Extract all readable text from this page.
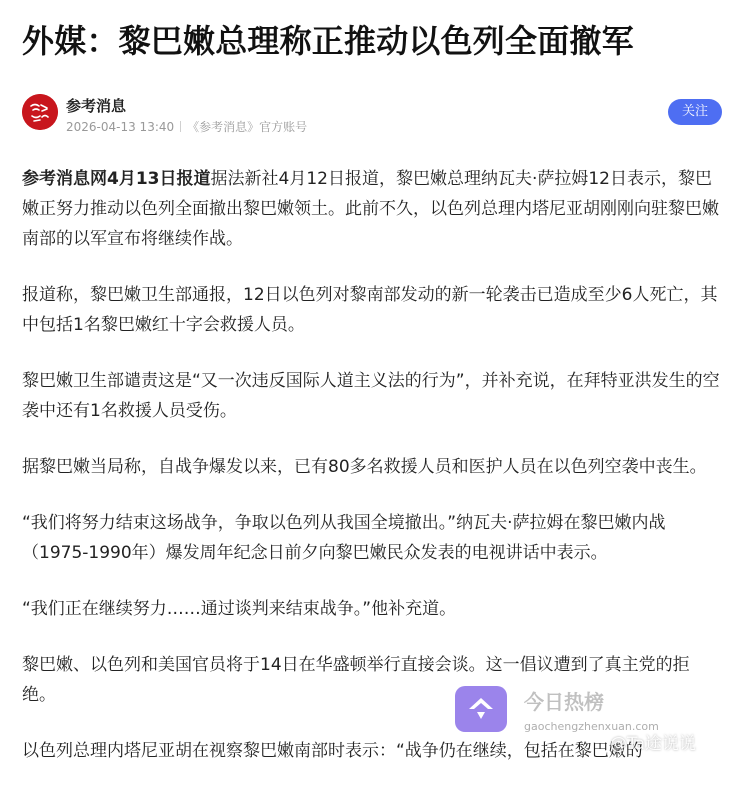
外媒：黎巴嫩总理称正推动以色列全面撤军
参考消息
2026-04-13 13:40 《参考消息》官方账号
关注

参考消息网4月13日报道据法新社4月12日报道，黎巴嫩总理纳瓦夫·萨拉姆12日表示，黎巴嫩正努力推动以色列全面撤出黎巴嫩领土。此前不久，以色列总理内塔尼亚胡刚刚向驻黎巴嫩南部的以军宣布将继续作战。

报道称，黎巴嫩卫生部通报，12日以色列对黎南部发动的新一轮袭击已造成至少6人死亡，其中包括1名黎巴嫩红十字会救援人员。

黎巴嫩卫生部谴责这是“又一次违反国际人道主义法的行为”，并补充说，在拜特亚洪发生的空袭中还有1名救援人员受伤。

据黎巴嫩当局称，自战争爆发以来，已有80多名救援人员和医护人员在以色列空袭中丧生。

“我们将努力结束这场战争，争取以色列从我国全境撤出。”纳瓦夫·萨拉姆在黎巴嫩内战（1975-1990年）爆发周年纪念日前夕向黎巴嫩民众发表的电视讲话中表示。

“我们正在继续努力……通过谈判来结束战争。”他补充道。

黎巴嫩、以色列和美国官员将于14日在华盛顿举行直接会谈。这一倡议遭到了真主党的拒绝。

以色列总理内塔尼亚胡在视察黎巴嫩南部时表示：“战争仍在继续，包括在黎巴嫩的

今日热榜
gaochengzhenxuan.com
@Ta途说说
